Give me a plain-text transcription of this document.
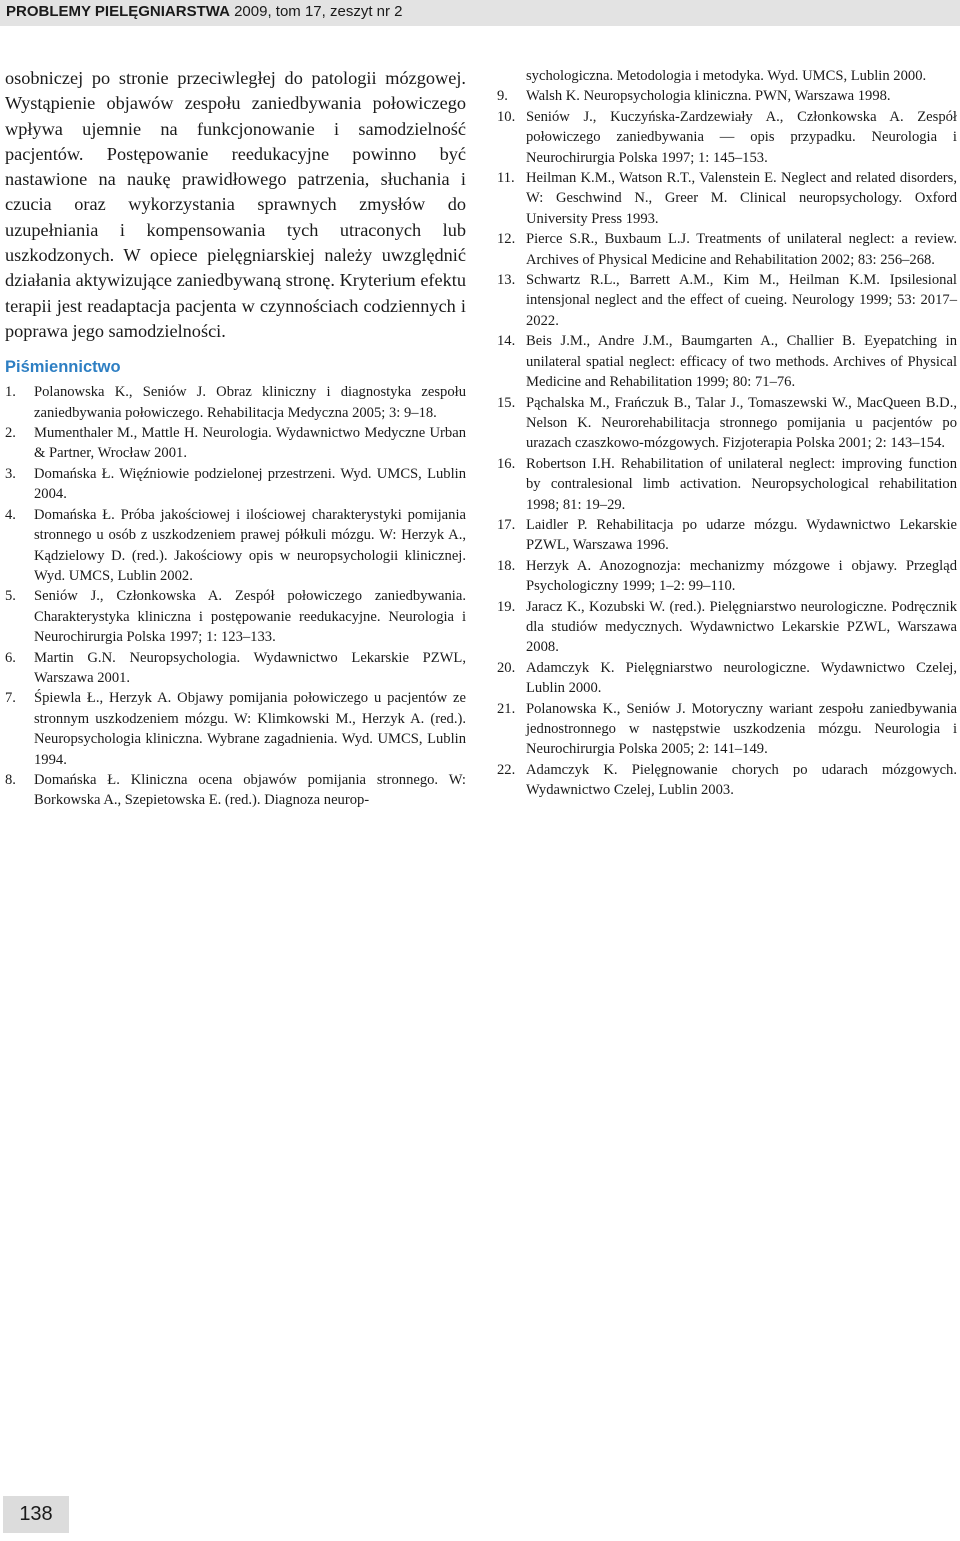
PROBLEMY PIELĘGNIARSTWA 2009, tom 17, zeszyt nr 2

osobniczej po stronie przeciwległej do patologii mózgowej. Wystąpienie objawów zespołu zaniedbywania połowiczego wpływa ujemnie na funkcjonowanie i samodzielność pacjentów. Postępowanie reedukacyjne powinno być nastawione na naukę prawidłowego patrzenia, słuchania i czucia oraz wykorzystania sprawnych zmysłów do uzupełniania i kompensowania tych utraconych lub uszkodzonych. W opiece pielęgniarskiej należy uwzględnić działania aktywizujące zaniedbywaną stronę. Kryterium efektu terapii jest readaptacja pacjenta w czynnościach codziennych i poprawa jego samodzielności.

Piśmiennictwo
1.	Polanowska K., Seniów J. Obraz kliniczny i diagnostyka zespołu zaniedbywania połowiczego. Rehabilitacja Medyczna 2005; 3: 9–18.
2.	Mumenthaler M., Mattle H. Neurologia. Wydawnictwo Medyczne Urban & Partner, Wrocław 2001.
3.	Domańska Ł. Więźniowie podzielonej przestrzeni. Wyd. UMCS, Lublin 2004.
4.	Domańska Ł. Próba jakościowej i ilościowej charakterystyki pomijania stronnego u osób z uszkodzeniem prawej półkuli mózgu. W: Herzyk A., Kądzielowy D. (red.). Jakościowy opis w neuropsychologii klinicznej. Wyd. UMCS, Lublin 2002.
5.	Seniów J., Członkowska A. Zespół połowiczego zaniedbywania. Charakterystyka kliniczna i postępowanie reedukacyjne. Neurologia i Neurochirurgia Polska 1997; 1: 123–133.
6.	Martin G.N. Neuropsychologia. Wydawnictwo Lekarskie PZWL, Warszawa 2001.
7.	Śpiewla Ł., Herzyk A. Objawy pomijania połowiczego u pacjentów ze stronnym uszkodzeniem mózgu. W: Klimkowski M., Herzyk A. (red.). Neuropsychologia kliniczna. Wybrane zagadnienia. Wyd. UMCS, Lublin 1994.
8.	Domańska Ł. Kliniczna ocena objawów pomijania stronnego. W: Borkowska A., Szepietowska E. (red.). Diagnoza neurop-
sychologiczna. Metodologia i metodyka. Wyd. UMCS, Lublin 2000.
9.	Walsh K. Neuropsychologia kliniczna. PWN, Warszawa 1998.
10. Seniów J., Kuczyńska-Zardzewiały A., Członkowska A. Zespół połowiczego zaniedbywania — opis przypadku. Neurologia i Neurochirurgia Polska 1997; 1: 145–153.
11. Heilman K.M., Watson R.T., Valenstein E. Neglect and related disorders, W: Geschwind N., Greer M. Clinical neuropsychology. Oxford University Press 1993.
12. Pierce S.R., Buxbaum L.J. Treatments of unilateral neglect: a review. Archives of Physical Medicine and Rehabilitation 2002; 83: 256–268.
13. Schwartz R.L., Barrett A.M., Kim M., Heilman K.M. Ipsilesional intensjonal neglect and the effect of cueing. Neurology 1999; 53: 2017–2022.
14. Beis J.M., Andre J.M., Baumgarten A., Challier B. Eyepatching in unilateral spatial neglect: efficacy of two methods. Archives of Physical Medicine and Rehabilitation 1999; 80: 71–76.
15. Pąchalska M., Frańczuk B., Talar J., Tomaszewski W., MacQueen B.D., Nelson K. Neurorehabilitacja stronnego pomijania u pacjentów po urazach czaszkowo-mózgowych. Fizjoterapia Polska 2001; 2: 143–154.
16. Robertson I.H. Rehabilitation of unilateral neglect: improving function by contralesional limb activation. Neuropsychological rehabilitation 1998; 81: 19–29.
17. Laidler P. Rehabilitacja po udarze mózgu. Wydawnictwo Lekarskie PZWL, Warszawa 1996.
18. Herzyk A. Anozognozja: mechanizmy mózgowe i objawy. Przegląd Psychologiczny 1999; 1–2: 99–110.
19. Jaracz K., Kozubski W. (red.). Pielęgniarstwo neurologiczne. Podręcznik dla studiów medycznych. Wydawnictwo Lekarskie PZWL, Warszawa 2008.
20. Adamczyk K. Pielęgniarstwo neurologiczne. Wydawnictwo Czelej, Lublin 2000.
21. Polanowska K., Seniów J. Motoryczny wariant zespołu zaniedbywania jednostronnego w następstwie uszkodzenia mózgu. Neurologia i Neurochirurgia Polska 2005; 2: 141–149.
22. Adamczyk K. Pielęgnowanie chorych po udarach mózgowych. Wydawnictwo Czelej, Lublin 2003.
138
